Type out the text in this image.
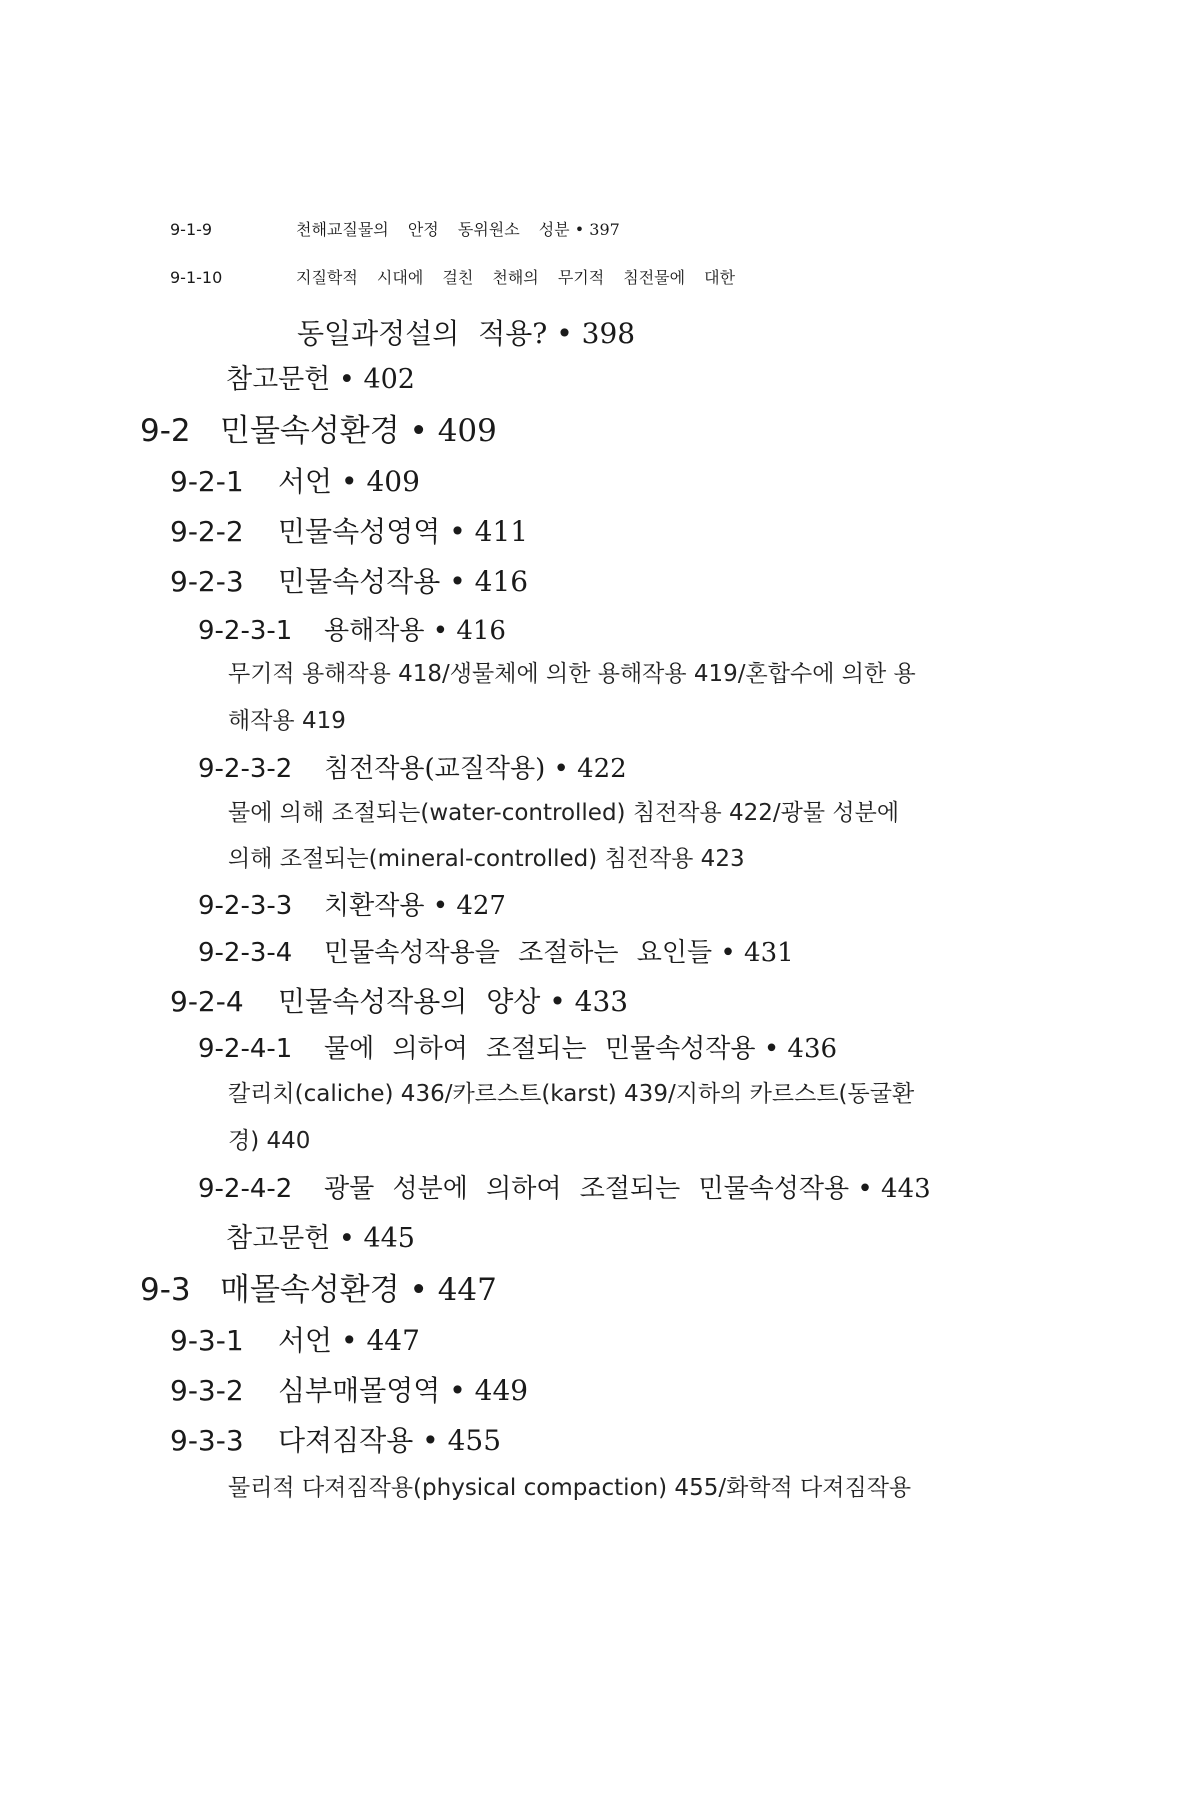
9-1-9	천해교질물의 안정 동위원소 성분 • 397
9-1-10	지질학적 시대에 걸친 천해의 무기적 침전물에 대한
동일과정설의 적용? • 398
참고문헌 • 402
9-2 민물속성환경 • 409
9-2-1 서언 • 409
9-2-2 민물속성영역 • 411
9-2-3 민물속성작용 • 416
9-2-3-1 용해작용 • 416
무기적 용해작용 418/생물체에 의한 용해작용 419/혼합수에 의한 용
해작용 419
9-2-3-2 침전작용(교질작용) • 422
물에 의해 조절되는(water-controlled) 침전작용 422/광물 성분에
의해 조절되는(mineral-controlled) 침전작용 423
9-2-3-3 치환작용 • 427
9-2-3-4 민물속성작용을 조절하는 요인들 • 431
9-2-4 민물속성작용의 양상 • 433
9-2-4-1 물에 의하여 조절되는 민물속성작용 • 436
칼리치(caliche) 436/카르스트(karst) 439/지하의 카르스트(동굴환
경) 440
9-2-4-2 광물 성분에 의하여 조절되는 민물속성작용 • 443
참고문헌 • 445
9-3 매몰속성환경 • 447
9-3-1 서언 • 447
9-3-2 심부매몰영역 • 449
9-3-3 다져짐작용 • 455
물리적 다져짐작용(physical compaction) 455/화학적 다져짐작용
